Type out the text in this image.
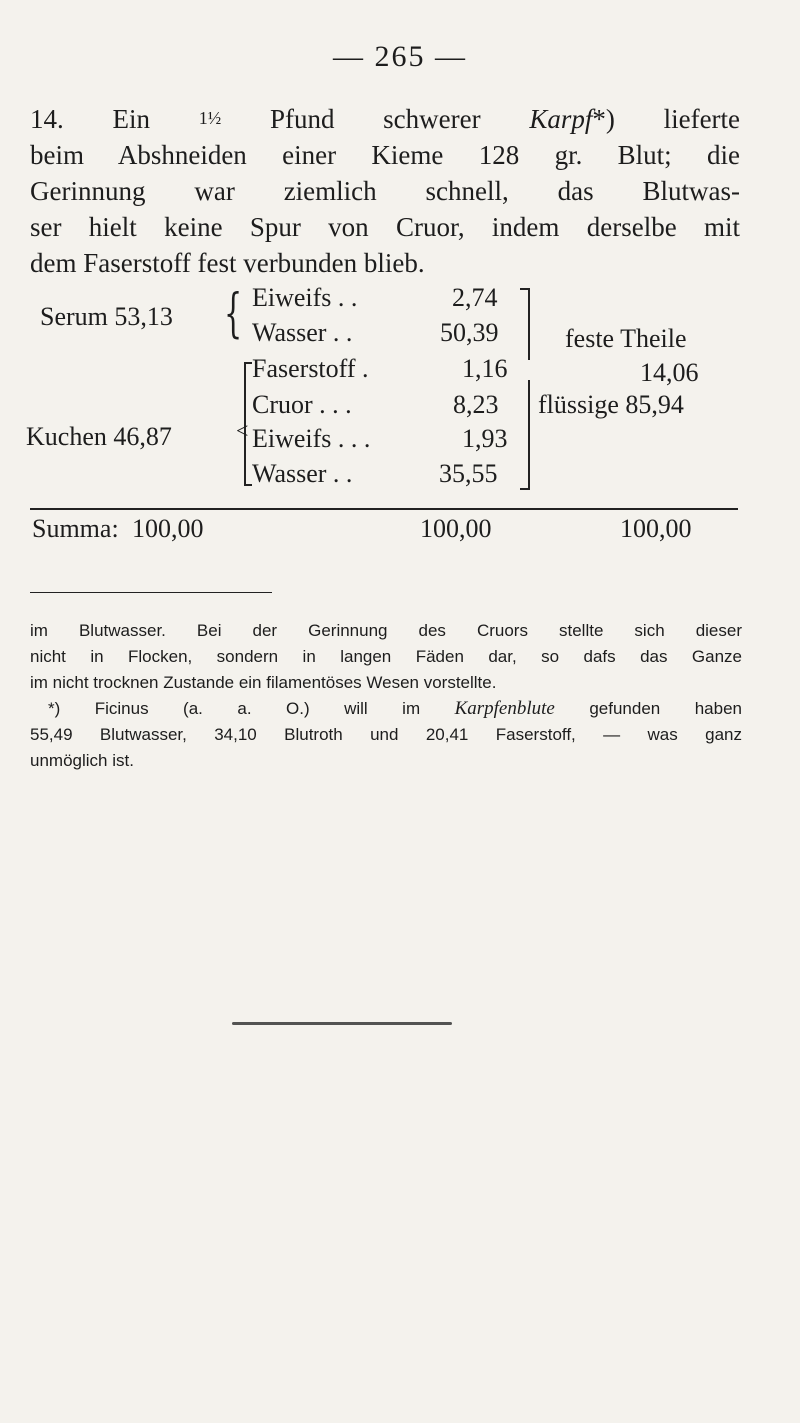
— 265 —
14. Ein	1½ Pfund schwerer Karpf*) lieferte
beim Abshneiden einer Kieme 128 gr. Blut; die
Gerinnung war ziemlich schnell, das Blutwas-
ser hielt keine Spur von Cruor, indem derselbe mit
dem Faserstoff fest verbunden blieb.
Serum 53,13 { Eiweifs . .	2,74
Wasser . .	50,39
Kuchen 46,87	<
Faserstoff .	1,16
Cruor . . .	8,23
Eiweifs . . .	1,93
Wasser . .	35,55
feste Theile
14,06
flüssige 85,94
Summa: 100,00	100,00	100,00
im Blutwasser. Bei der Gerinnung des Cruors stellte sich dieser
nicht in Flocken, sondern in langen Fäden dar, so dafs das Ganze
im nicht trocknen Zustande ein filamentöses Wesen vorstellte.
*) Ficinus (a. a. O.) will im Karpfenblute gefunden haben
55,49 Blutwasser, 34,10 Blutroth und 20,41 Faserstoff, — was ganz
unmöglich ist.
